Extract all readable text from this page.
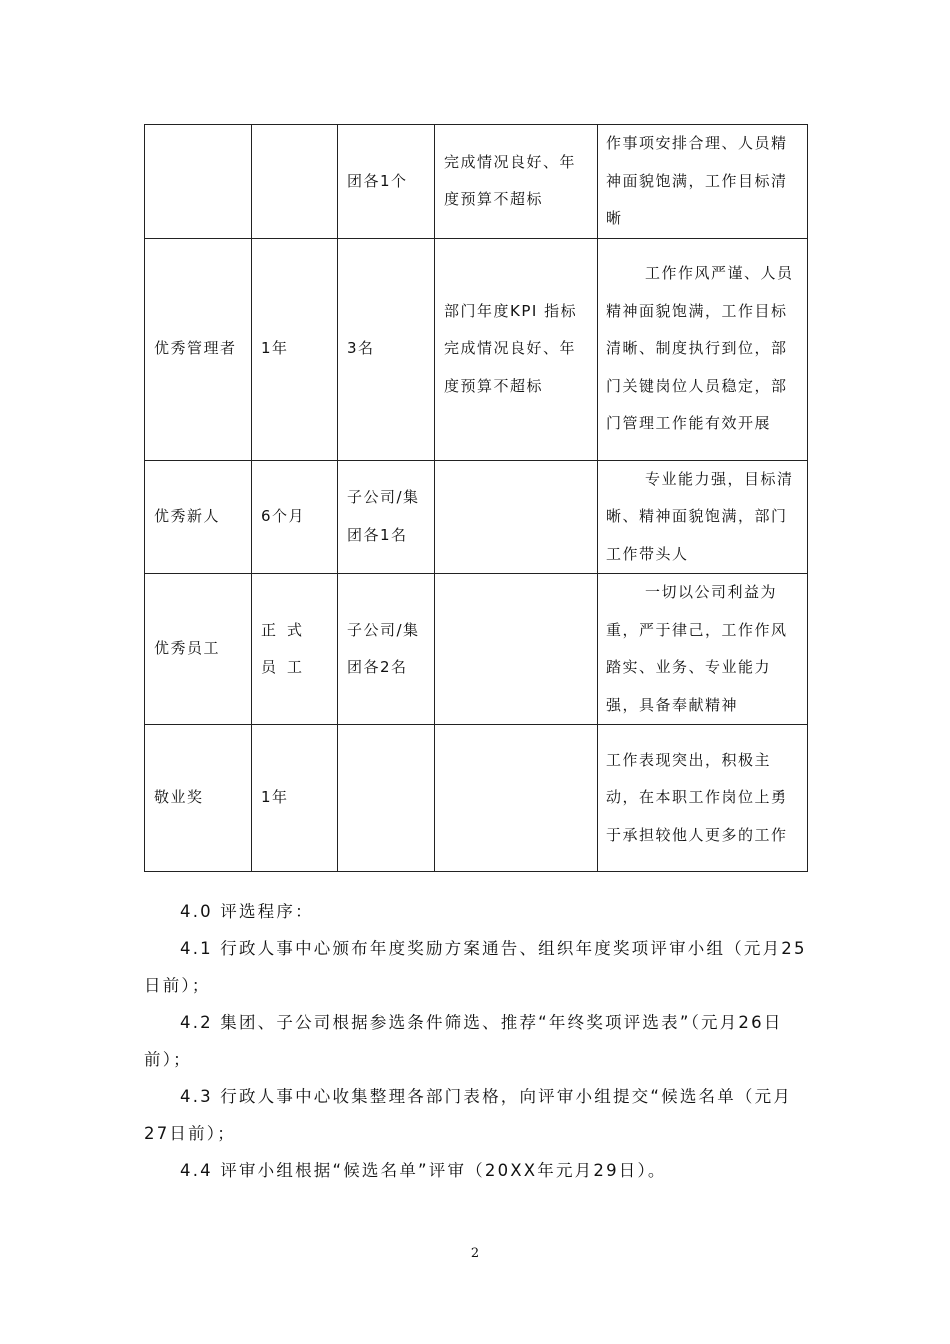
		团各1个	完成情况良好、年度预算不超标	作事项安排合理、人员精神面貌饱满，工作目标清晰
优秀管理者	1年	3名	部门年度KPI 指标完成情况良好、年度预算不超标	工作作风严谨、人员精神面貌饱满，工作目标清晰、制度执行到位，部门关键岗位人员稳定，部门管理工作能有效开展
优秀新人	6个月	子公司/集团各1名		专业能力强，目标清晰、精神面貌饱满，部门工作带头人
优秀员工	正式员工	子公司/集团各2名		一切以公司利益为重，严于律己，工作作风踏实、业务、专业能力强，具备奉献精神
敬业奖	1年			工作表现突出，积极主动，在本职工作岗位上勇于承担较他人更多的工作
4.0 评选程序：
4.1 行政人事中心颁布年度奖励方案通告、组织年度奖项评审小组（元月25日前）；
4.2 集团、子公司根据参选条件筛选、推荐“年终奖项评选表”（元月26日前）；
4.3 行政人事中心收集整理各部门表格，向评审小组提交“候选名单（元月27日前）；
4.4 评审小组根据“候选名单”评审（20XX年元月29日）。
2
